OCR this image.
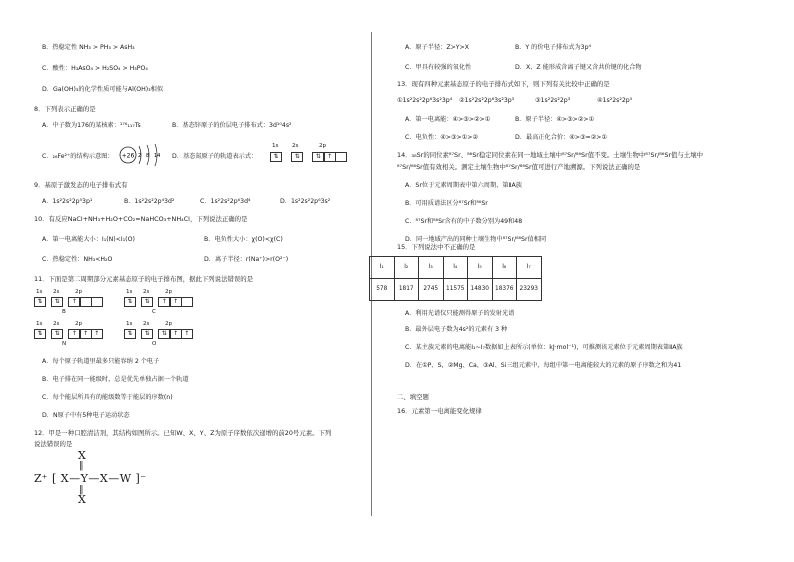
B．热稳定性 NH₃ > PH₃ > AsH₃
C．酸性：H₃AsO₄ > H₂SO₄ > H₃PO₄
D．Ga(OH)₃的化学性质可能与Al(OH)₃相似
8．下列表示正确的是
A．中子数为176的某核素：¹⁷⁶₁₁₇Ts	B．基态锌原子的价层电子排布式：3d¹⁰4s²
C．₂₆Fe²⁺的结构示意图： +26 2 8 14 D．基态氮原子的轨道表示式：
1s 2s	2p
⇅	⇅	⇅	↑
9．基原子激发态的电子排布式有
A．1s²2s²2p⁵3p¹	B．1s²2s²2p⁴3d²	C．1s²2s²2p⁶3d⁴	D．1s²2s²2p⁶3s²
10．有反应NaCl+NH₃+H₂O+CO₂=NaHCO₃+NH₄Cl，下列说法正确的是
A．第一电离能大小：I₁(N)<I₁(O)	B．电负性大小：χ(O)<χ(C)
C．热稳定性：NH₃<H₂O	D．离子半径：r(Na⁺)>r(O²⁻)
11．下面是第二周期部分元素基态原子的电子排布图，据此下列说法错误的是
1s 2s	2p
⇅	⇅	↑
B
1s 2s	2p
⇅	⇅	↑	↑
C
1s 2s	2p
⇅	⇅	↑	↑	↑
N
1s 2s	2p
⇅	⇅	⇅	↑	↑
O
A．每个原子轨道里最多只能容纳 2 个电子
B．电子排在同一能级时，总是优先单独占据一个轨道
C．每个能层所具有的能级数等于能层的序数(n)
D．N原子中有5种电子运动状态
12．甲是一种口腔清洁剂，其结构如图所示。已知W、X、Y、Z为原子序数依次递增的前20号元素。下列
说法错误的是
X
‖
Z⁺ [ X—Y—X—W ]⁻
‖
X
A．原子半径：Z>Y>X	B．Y 的价电子排布式为3p⁴
C．甲具有较强的氧化性	D．X、Z 能形成含离子键又含共价键的化合物
13．现有四种元素基态原子的电子排布式如下，则下列有关比较中正确的是
①1s²2s²2p⁶3s²3p⁴ ②1s²2s²2p⁶3s²3p³	③1s²2s²2p³	④1s²2s²2p⁵
A．第一电离能：④>③>②>①	B．原子半径：④>③>②>①
C．电负性：④>③>①>②	D．最高正化合价：④>③=②>①
14．₃₈Sr的同位素⁸⁷Sr、⁸⁶Sr稳定同位素在同一地域土壤中⁸⁷Sr/⁸⁶Sr值不变。土壤生物中⁸⁷Sr/⁸⁶Sr值与土壤中
⁸⁷Sr/⁸⁶Sr值有效相关。测定土壤生物中⁸⁷Sr/⁸⁶Sr值可进行产地溯源。下列说法正确的是
A．Sr位于元素周期表中第六周期、第ⅡA族
B．可用质谱法区分⁸⁷Sr和⁸⁶Sr
C．⁸⁷Sr和⁸⁶Sr含有的中子数分别为49和48
D．同一地域产出的同种土壤生物中⁸⁷Sr/⁸⁶Sr值相同
15．下列说法中不正确的是
I₁	I₂	I₃	I₄	I₅	I₆	I₇
578	1817	2745	11575	14830	18376	23293
A．利用光谱仪只能测得原子的发射光谱
B．最外层电子数为4s²的元素有 3 种
C．某主族元素的电离能I₁~I₇数据如上表所示(单位：kJ·mol⁻¹)，可推测该元素位于元素周期表第ⅡA族
D．在①P、S，②Mg、Ca，③Al、Si三组元素中，每组中第一电离能较大的元素的原子序数之和为41
二、填空题
16．元素第一电离能变化规律
